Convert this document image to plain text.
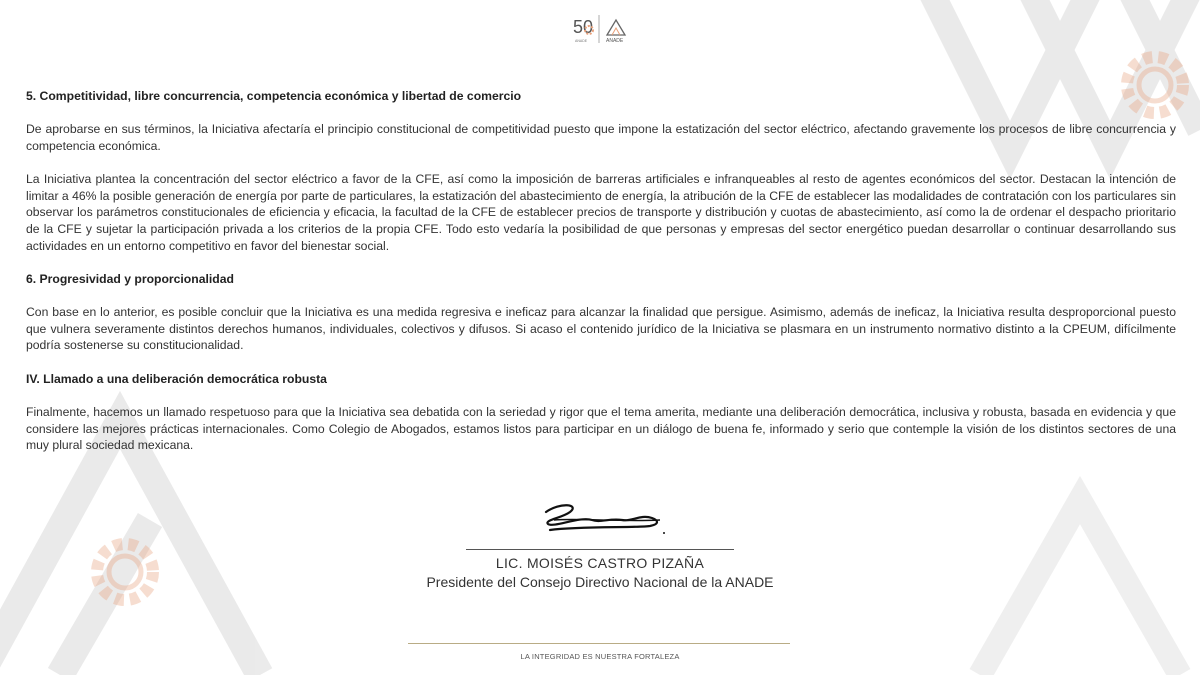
50
ANADE	ANADE

5. Competitividad, libre concurrencia, competencia económica y libertad de comercio

De aprobarse en sus términos, la Iniciativa afectaría el principio constitucional de competitividad puesto que impone la estatización del sector eléctrico, afectando gravemente los procesos de libre concurrencia y competencia económica.

La Iniciativa plantea la concentración del sector eléctrico a favor de la CFE, así como la imposición de barreras artificiales e infranqueables al resto de agentes económicos del sector. Destacan la intención de limitar a 46% la posible generación de energía por parte de particulares, la estatización del abastecimiento de energía, la atribución de la CFE de establecer las modalidades de contratación con los particulares sin observar los parámetros constitucionales de eficiencia y eficacia, la facultad de la CFE de establecer precios de transporte y distribución y cuotas de abastecimiento, así como la de ordenar el despacho prioritario de la CFE y sujetar la participación privada a los criterios de la propia CFE. Todo esto vedaría la posibilidad de que personas y empresas del sector energético puedan desarrollar o continuar desarrollando sus actividades en un entorno competitivo en favor del bienestar social.

6. Progresividad y proporcionalidad

Con base en lo anterior, es posible concluir que la Iniciativa es una medida regresiva e ineficaz para alcanzar la finalidad que persigue. Asimismo, además de ineficaz, la Iniciativa resulta desproporcional puesto que vulnera severamente distintos derechos humanos, individuales, colectivos y difusos. Si acaso el contenido jurídico de la Iniciativa se plasmara en un instrumento normativo distinto a la CPEUM, difícilmente podría sostenerse su constitucionalidad.

IV. Llamado a una deliberación democrática robusta

Finalmente, hacemos un llamado respetuoso para que la Iniciativa sea debatida con la seriedad y rigor que el tema amerita, mediante una deliberación democrática, inclusiva y robusta, basada en evidencia y que considere las mejores prácticas internacionales. Como Colegio de Abogados, estamos listos para participar en un diálogo de buena fe, informado y serio que contemple la visión de los distintos sectores de una muy plural sociedad mexicana.

LIC. MOISÉS CASTRO PIZAÑA
Presidente del Consejo Directivo Nacional de la ANADE
LA INTEGRIDAD ES NUESTRA FORTALEZA
